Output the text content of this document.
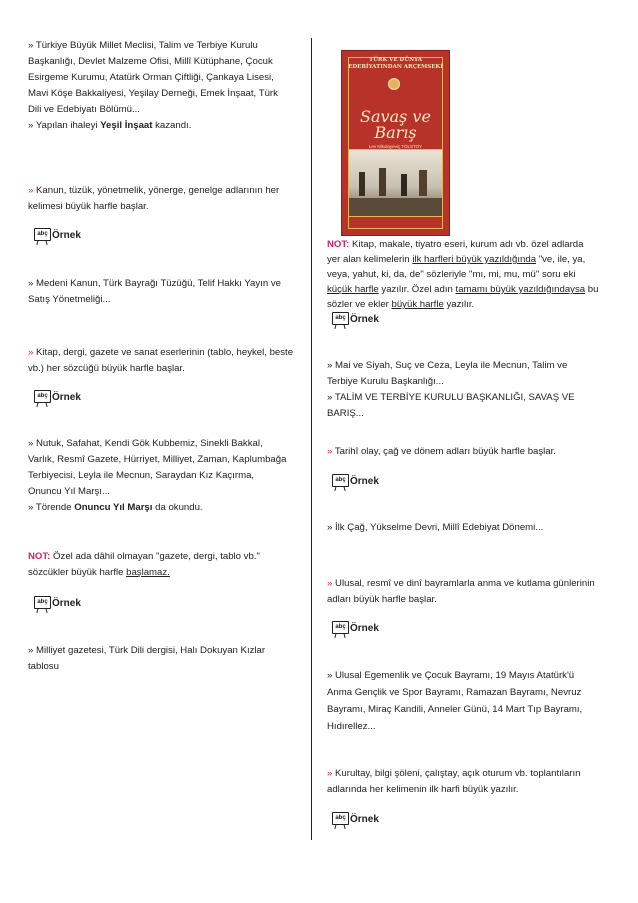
» Türkiye Büyük Millet Meclisi, Talim ve Terbiye Kurulu Başkanlığı, Devlet Malzeme Ofisi, Millî Kütüphane, Çocuk Esirgeme Kurumu, Atatürk Orman Çiftliği, Çankaya Lisesi, Mavi Köşe Bakkaliyesi, Yeşilay Derneği, Emek İnşaat, Türk Dili ve Edebiyatı Bölümü...
» Yapılan ihaleyi Yeşil İnşaat kazandı.
» Kanun, tüzük, yönetmelik, yönerge, genelge adlarının her kelimesi büyük harfle başlar.
abç Örnek
» Medeni Kanun, Türk Bayrağı Tüzüğü, Telif Hakkı Yayın ve Satış Yönetmeliği...
» Kitap, dergi, gazete ve sanat eserlerinin (tablo, heykel, beste vb.) her sözcüğü büyük harfle başlar.
abç Örnek
» Nutuk, Safahat, Kendi Gök Kubbemiz, Sinekli Bakkal, Varlık, Resmî Gazete, Hürriyet, Milliyet, Zaman, Kaplumbağa Terbiyecisi, Leyla ile Mecnun, Saraydan Kız Kaçırma, Onuncu Yıl Marşı...
» Törende Onuncu Yıl Marşı da okundu.
NOT: Özel ada dâhil olmayan "gazete, dergi, tablo vb." sözcükler büyük harfle başlamaz.
abç Örnek
» Milliyet gazetesi, Türk Dili dergisi, Halı Dokuyan Kızlar tablosu
TÜRK VE DÜNYA EDEBİYATINDAN ARÇEMSEKİ
Savaş ve Barış
Lev Nikolayeviç TOLSTOY
NOT: Kitap, makale, tiyatro eseri, kurum adı vb. özel adlarda yer alan kelimelerin ilk harfleri büyük yazıldığında "ve, ile, ya, veya, yahut, ki, da, de" sözleriyle "mı, mi, mu, mü" soru eki küçük harfle yazılır. Özel adın tamamı büyük yazıldığındaysa bu sözler ve ekler büyük harfle yazılır.
abç Örnek
» Mai ve Siyah, Suç ve Ceza, Leyla ile Mecnun, Talim ve Terbiye Kurulu Başkanlığı...
» TALİM VE TERBİYE KURULU BAŞKANLIĞI, SAVAŞ VE BARIŞ...
» Tarihî olay, çağ ve dönem adları büyük harfle başlar.
abç Örnek
» İlk Çağ, Yükselme Devri, Millî Edebiyat Dönemi...
» Ulusal, resmî ve dinî bayramlarla anma ve kutlama günlerinin adları büyük harfle başlar.
abç Örnek
» Ulusal Egemenlik ve Çocuk Bayramı, 19 Mayıs Atatürk'ü Anma Gençlik ve Spor Bayramı, Ramazan Bayramı, Nevruz Bayramı, Miraç Kandili, Anneler Günü, 14 Mart Tıp Bayramı, Hıdırellez...
» Kurultay, bilgi şöleni, çalıştay, açık oturum vb. toplantıların adlarında her kelimenin ilk harfi büyük yazılır.
abç Örnek
